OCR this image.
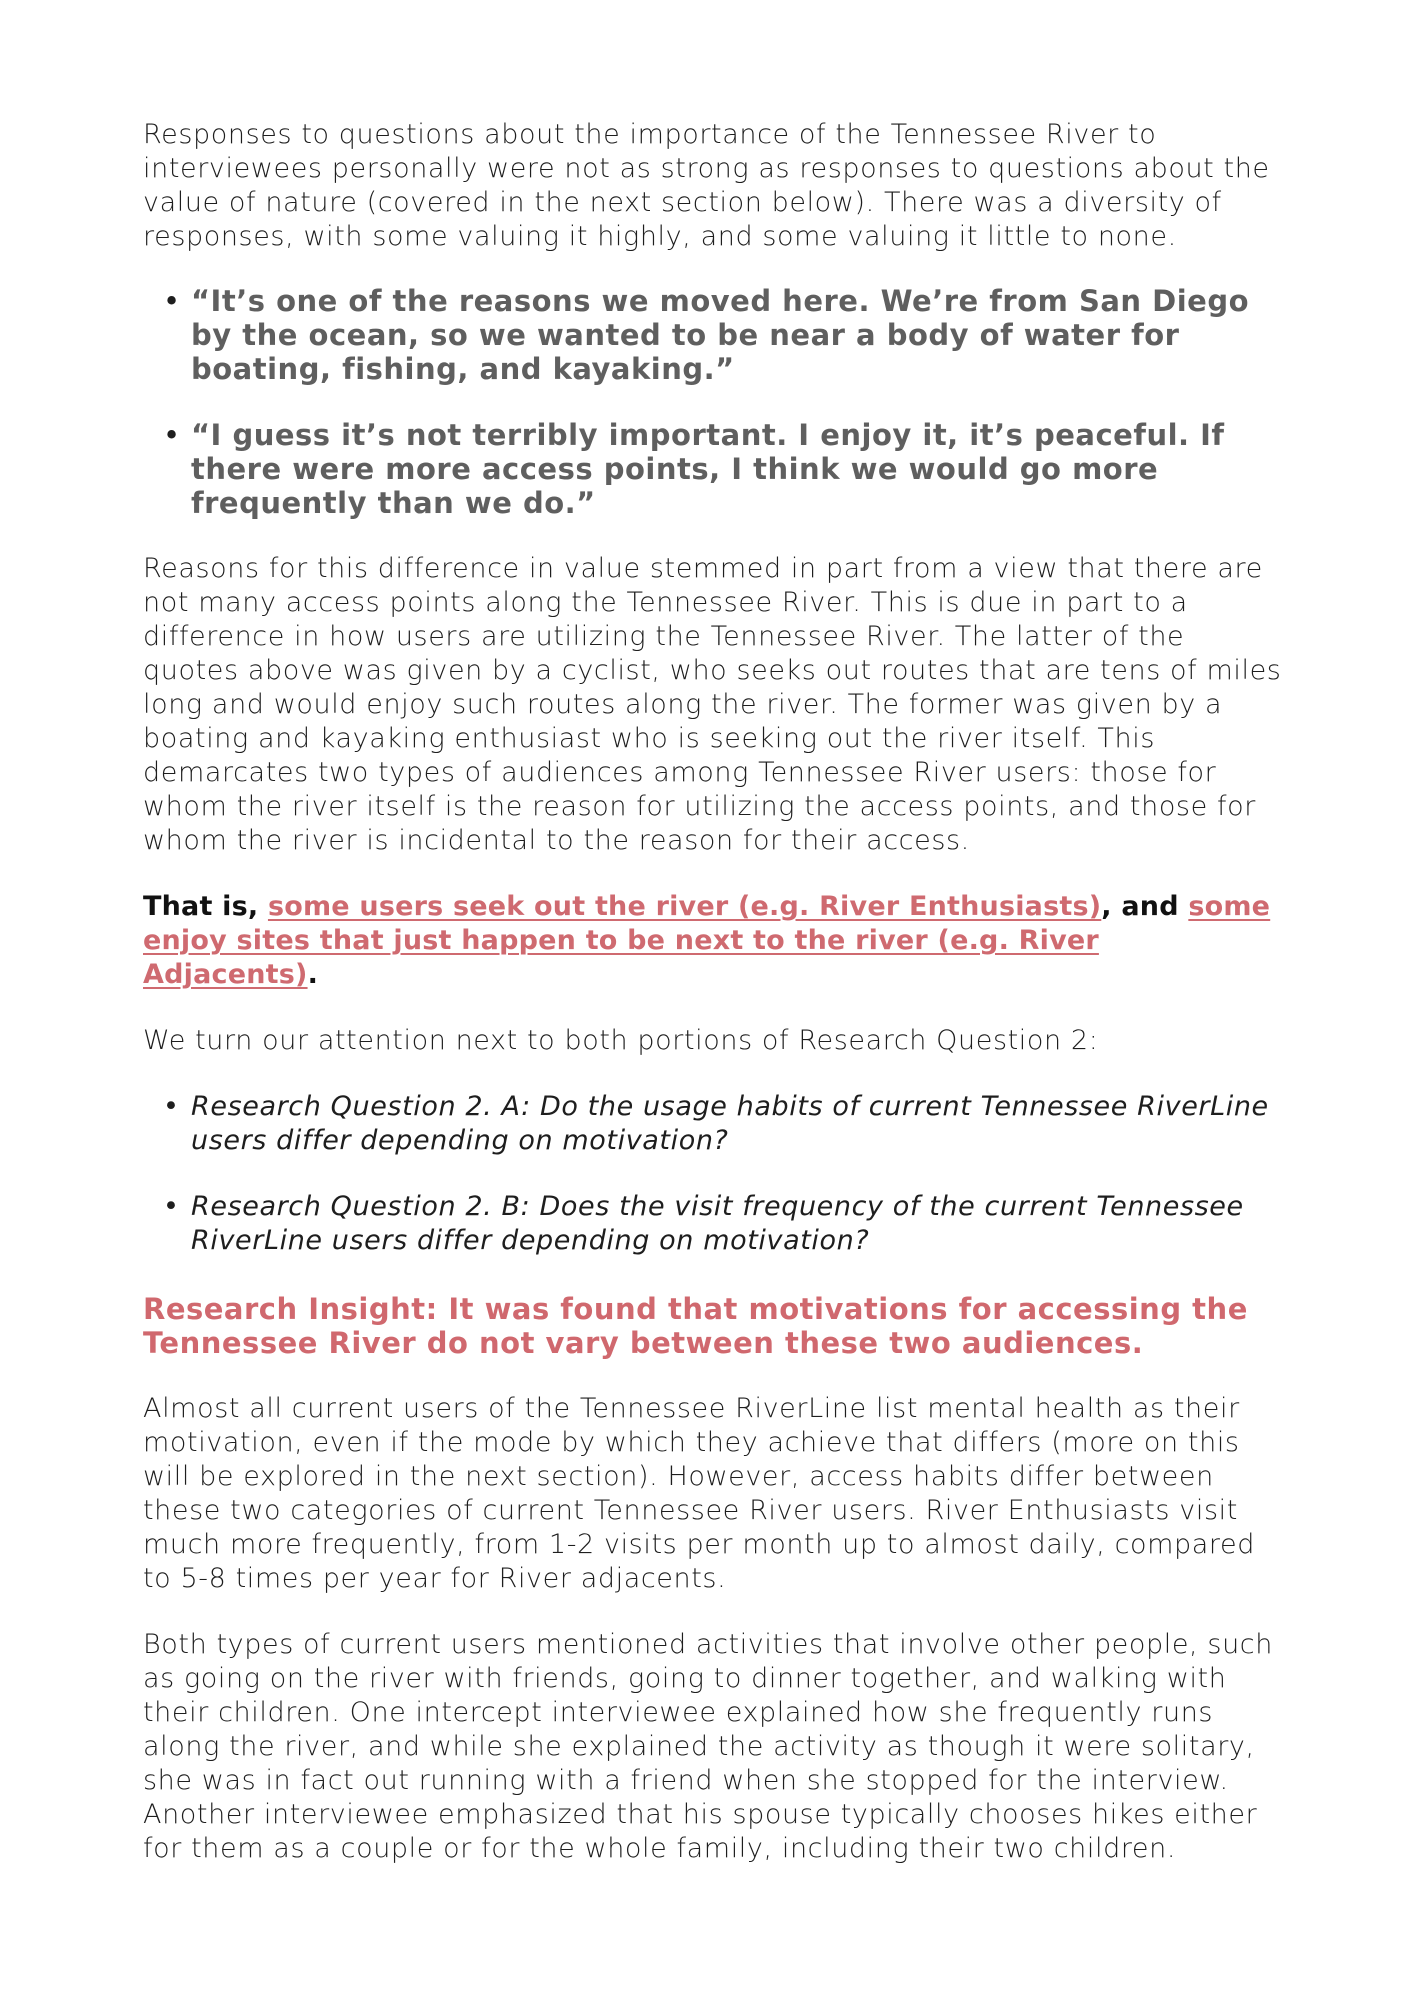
Responses to questions about the importance of the Tennessee River to interviewees personally were not as strong as responses to questions about the value of nature (covered in the next section below). There was a diversity of responses, with some valuing it highly, and some valuing it little to none.

• “It’s one of the reasons we moved here. We’re from San Diego by the ocean, so we wanted to be near a body of water for boating, fishing, and kayaking.”
• “I guess it’s not terribly important. I enjoy it, it’s peaceful. If there were more access points, I think we would go more frequently than we do.”

Reasons for this difference in value stemmed in part from a view that there are not many access points along the Tennessee River. This is due in part to a difference in how users are utilizing the Tennessee River. The latter of the quotes above was given by a cyclist, who seeks out routes that are tens of miles long and would enjoy such routes along the river. The former was given by a boating and kayaking enthusiast who is seeking out the river itself. This demarcates two types of audiences among Tennessee River users: those for whom the river itself is the reason for utilizing the access points, and those for whom the river is incidental to the reason for their access.

That is, some users seek out the river (e.g. River Enthusiasts), and some enjoy sites that just happen to be next to the river (e.g. River Adjacents).

We turn our attention next to both portions of Research Question 2:

• Research Question 2. A: Do the usage habits of current Tennessee RiverLine users differ depending on motivation?
• Research Question 2. B: Does the visit frequency of the current Tennessee RiverLine users differ depending on motivation?

Research Insight: It was found that motivations for accessing the Tennessee River do not vary between these two audiences.

Almost all current users of the Tennessee RiverLine list mental health as their motivation, even if the mode by which they achieve that differs (more on this will be explored in the next section). However, access habits differ between these two categories of current Tennessee River users. River Enthusiasts visit much more frequently, from 1-2 visits per month up to almost daily, compared to 5-8 times per year for River adjacents.

Both types of current users mentioned activities that involve other people, such as going on the river with friends, going to dinner together, and walking with their children. One intercept interviewee explained how she frequently runs along the river, and while she explained the activity as though it were solitary, she was in fact out running with a friend when she stopped for the interview. Another interviewee emphasized that his spouse typically chooses hikes either for them as a couple or for the whole family, including their two children.
